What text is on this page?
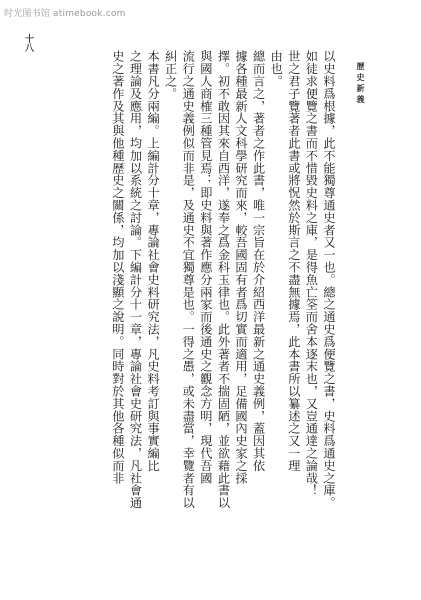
时光图书馆 atimebook.com
十八
歷史新義
以史料爲根據，此不能獨尊通史者又一也。總之通史爲便覽之書，史料爲通史之庫。
如徒求便覽之書而不惜毀史料之庫，是得魚亡筌而舍本逐末也，又豈通達之論哉！
世之君子覽著者此書或將怳然於斯言之不盡無據焉，此本書所以纂述之又一理
由也。
總而言之，著者之作此書，唯一宗旨在於介紹西洋最新之通史義例，蓋因其依
據各種最新人文科學研究而來，較吾國固有者爲切實而適用，足備國內史家之採
擇。初不敢因其來自西洋，遂奉之爲金科玉律也。此外著者不揣固陋，並欲藉此書以
與國人商榷三種管見焉：即史料與著作應分兩家而後通史之觀念方明，現代吾國
流行之通史義例似而非是，及通史不宜獨尊是也。一得之愚，或未盡當，幸覽者有以
糾正之。
本書凡分兩編。上編計分十章，專論社會史料研究法，凡史料考訂與事實編比
之理論及應用，均加以系統之討論。下編計分十一章，專論社會史研究法，凡社會通
史之著作及其與他種歷史之關係，均加以淺顯之說明。同時對於其他各種似而非
